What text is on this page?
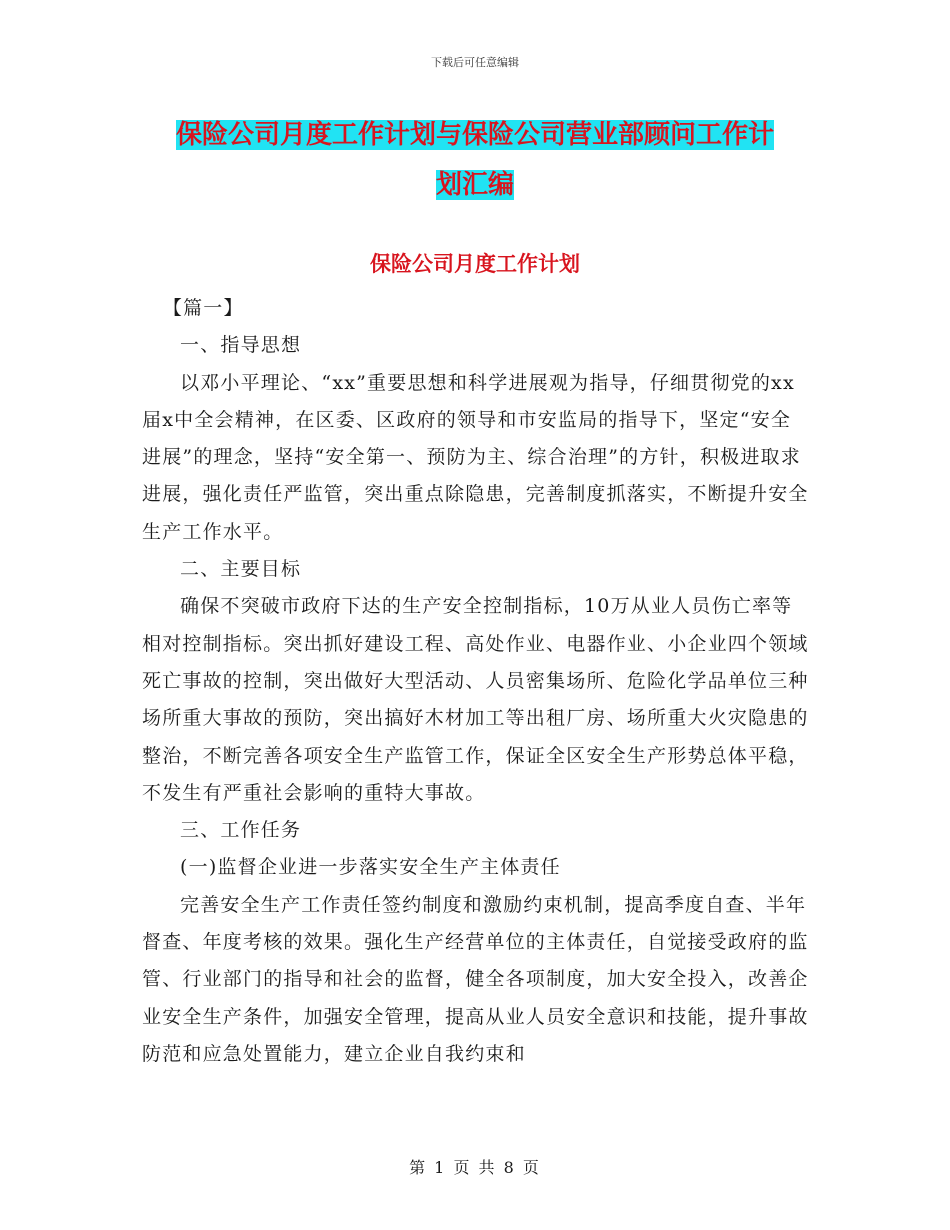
下载后可任意编辑
保险公司月度工作计划与保险公司营业部顾问工作计
划汇编
保险公司月度工作计划

【篇一】

一、指导思想

以邓小平理论、“xx”重要思想和科学进展观为指导，仔细贯彻党的xx届x中全会精神，在区委、区政府的领导和市安监局的指导下，坚定“安全进展”的理念，坚持“安全第一、预防为主、综合治理”的方针，积极进取求进展，强化责任严监管，突出重点除隐患，完善制度抓落实，不断提升安全生产工作水平。

二、主要目标

确保不突破市政府下达的生产安全控制指标，10万从业人员伤亡率等相对控制指标。突出抓好建设工程、高处作业、电器作业、小企业四个领域死亡事故的控制，突出做好大型活动、人员密集场所、危险化学品单位三种场所重大事故的预防，突出搞好木材加工等出租厂房、场所重大火灾隐患的整治，不断完善各项安全生产监管工作，保证全区安全生产形势总体平稳，不发生有严重社会影响的重特大事故。

三、工作任务

(一)监督企业进一步落实安全生产主体责任

完善安全生产工作责任签约制度和激励约束机制，提高季度自查、半年督查、年度考核的效果。强化生产经营单位的主体责任，自觉接受政府的监管、行业部门的指导和社会的监督，健全各项制度，加大安全投入，改善企业安全生产条件，加强安全管理，提高从业人员安全意识和技能，提升事故防范和应急处置能力，建立企业自我约束和

第 1 页 共 8 页
